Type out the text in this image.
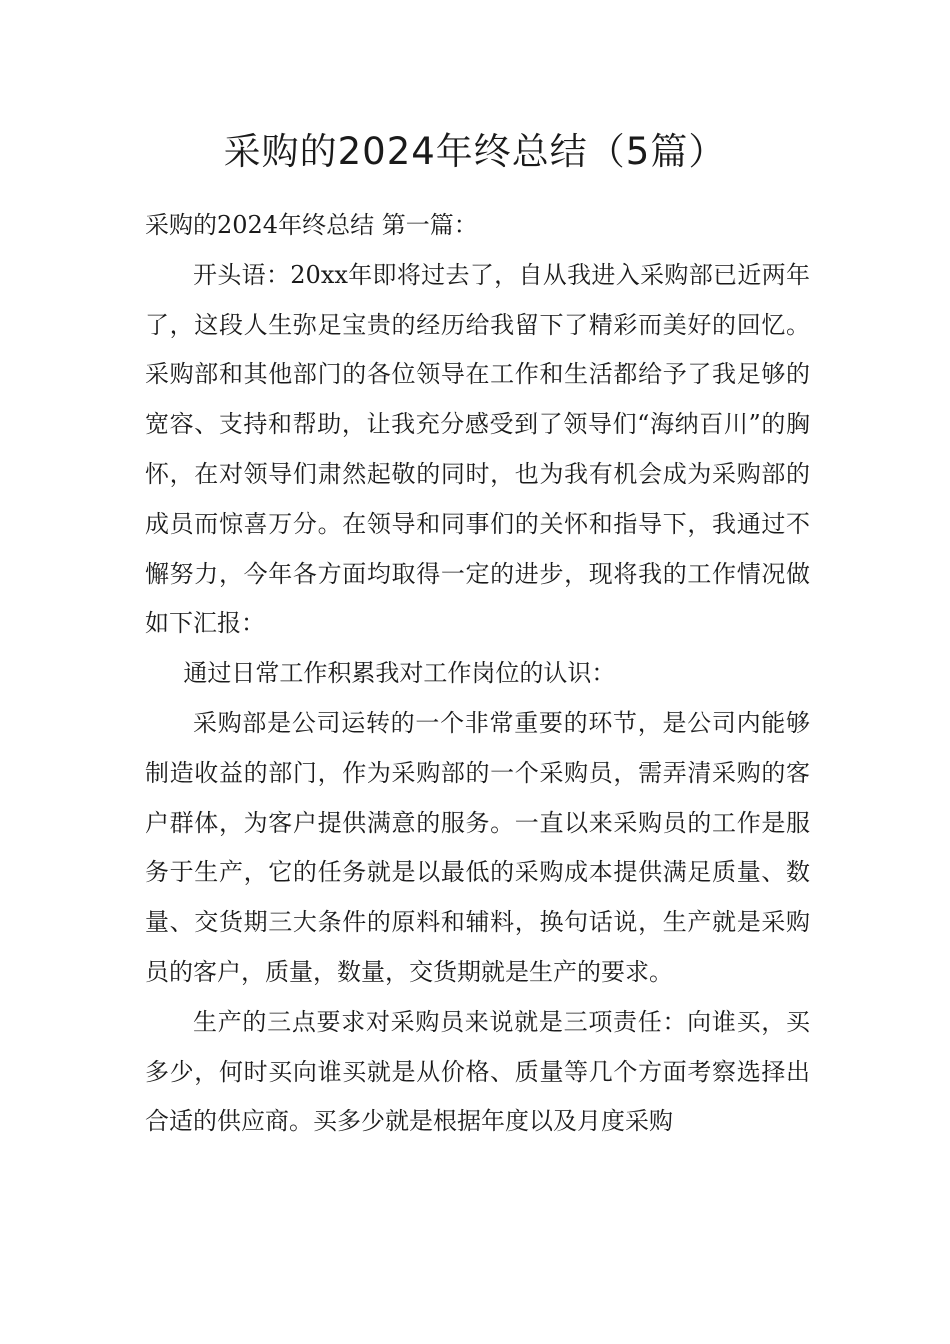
采购的2024年终总结（5篇）

采购的2024年终总结 第一篇：

开头语：20xx年即将过去了，自从我进入采购部已近两年了，这段人生弥足宝贵的经历给我留下了精彩而美好的回忆。采购部和其他部门的各位领导在工作和生活都给予了我足够的宽容、支持和帮助，让我充分感受到了领导们“海纳百川”的胸怀，在对领导们肃然起敬的同时，也为我有机会成为采购部的成员而惊喜万分。在领导和同事们的关怀和指导下，我通过不懈努力，今年各方面均取得一定的进步，现将我的工作情况做如下汇报：

通过日常工作积累我对工作岗位的认识：

采购部是公司运转的一个非常重要的环节，是公司内能够制造收益的部门，作为采购部的一个采购员，需弄清采购的客户群体，为客户提供满意的服务。一直以来采购员的工作是服务于生产，它的任务就是以最低的采购成本提供满足质量、数量、交货期三大条件的原料和辅料，换句话说，生产就是采购员的客户，质量，数量，交货期就是生产的要求。

生产的三点要求对采购员来说就是三项责任：向谁买，买多少，何时买向谁买就是从价格、质量等几个方面考察选择出合适的供应商。买多少就是根据年度以及月度采购
